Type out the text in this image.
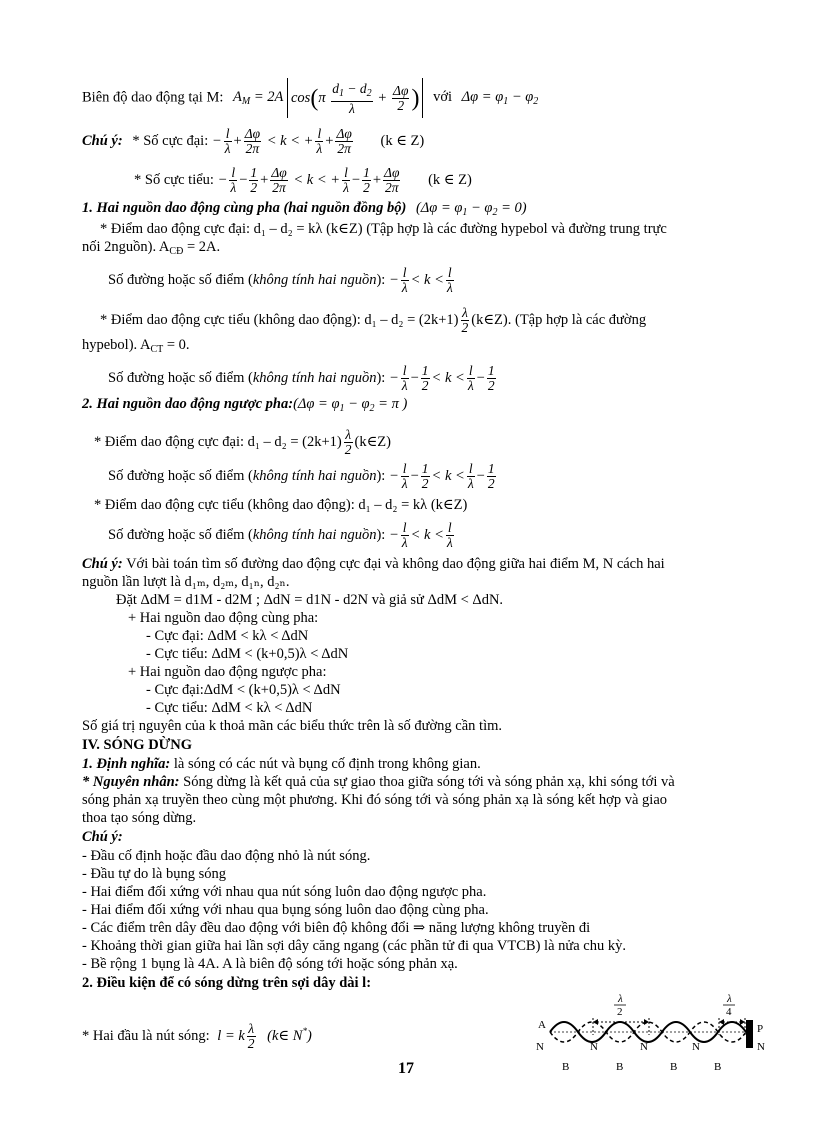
Biên độ dao động tại M: $A_M = 2A$ $\cos(\pi \frac{d_1 - d_2}{\lambda} + \frac{\Delta\varphi}{2}$ ) với $\Delta\varphi = \varphi_1 - \varphi_2$
Chú ý: * Số cực đại: − $\frac{l}{\lambda} + \frac{\Delta\varphi}{2\pi} < k$ < + $\frac{l}{\lambda} + \frac{\Delta\varphi}{2\pi} (k$ ∈ Z)
* Số cực tiểu: − $\frac{l}{\lambda} - \frac{1}{2} + \frac{\Delta\varphi}{2\pi} < k$ < + $\frac{l}{\lambda} - \frac{1}{2} + \frac{\Delta\varphi}{2\pi} (k$ ∈ Z)
1. Hai nguồn dao động cùng pha (hai nguồn đồng bộ) $(\Delta\varphi = \varphi_1 - \varphi_2 = 0)$
* Điểm dao động cực đại: d₁ – d₂ = kλ (k∈Z) (Tập hợp là các đường hypebol và đường trung trực
nối 2nguồn). $A_{CĐ} = 2A$.
Số đường hoặc số điểm (không tính hai nguồn): − $\frac{l}{\lambda} < k < \frac{l}{\lambda}$
* Điểm dao động cực tiểu (không dao động): $d_1 - d_2 = (2k+1) \frac{\lambda}{2}$ (k∈Z). (Tập hợp là các đường
hypebol). $A_{CT} = 0$.
Số đường hoặc số điểm (không tính hai nguồn): − $\frac{l}{\lambda} - \frac{1}{2} < k < \frac{l}{\lambda} - \frac{1}{2}$
2. Hai nguồn dao động ngược pha:(Δφ = $\varphi_1 - \varphi_2 = \pi$ )
* Điểm dao động cực đại: $d_1 - d_2 = (2k+1) \frac{\lambda}{2}$ (k∈Z)
Số đường hoặc số điểm (không tính hai nguồn): − $\frac{l}{\lambda} - \frac{1}{2} < k < \frac{l}{\lambda} - \frac{1}{2}$
* Điểm dao động cực tiểu (không dao động): d₁ – d₂ = kλ (k∈Z)
Số đường hoặc số điểm (không tính hai nguồn): − $\frac{l}{\lambda} < k < \frac{l}{\lambda}$
Chú ý: Với bài toán tìm số đường dao động cực đại và không dao động giữa hai điểm M, N cách hai
nguồn lần lượt là d₁ₘ, d₂ₘ, d₁ₙ, d₂ₙ.
Đặt ΔdM = d1M - d2M ; ΔdN = d1N - d2N và giả sử ΔdM < ΔdN.
+ Hai nguồn dao động cùng pha:
- Cực đại: ΔdM < kλ < ΔdN
- Cực tiểu: ΔdM < (k+0,5)λ < ΔdN
+ Hai nguồn dao động ngược pha:
- Cực đại:ΔdM < (k+0,5)λ < ΔdN
- Cực tiểu: ΔdM < kλ < ΔdN
Số giá trị nguyên của k thoả mãn các biểu thức trên là số đường cần tìm.
IV. SÓNG DỪNG
1. Định nghĩa: là sóng có các nút và bụng cố định trong không gian.
* Nguyên nhân: Sóng dừng là kết quả của sự giao thoa giữa sóng tới và sóng phản xạ, khi sóng tới và
sóng phản xạ truyền theo cùng một phương. Khi đó sóng tới và sóng phản xạ là sóng kết hợp và giao
thoa tạo sóng dừng.
Chú ý:
- Đầu cố định hoặc đầu dao động nhỏ là nút sóng.
- Đầu tự do là bụng sóng
- Hai điểm đối xứng với nhau qua nút sóng luôn dao động ngược pha.
- Hai điểm đối xứng với nhau qua bụng sóng luôn dao động cùng pha.
- Các điểm trên dây đều dao động với biên độ không đổi ⇒ năng lượng không truyền đi
- Khoảng thời gian giữa hai lần sợi dây căng ngang (các phần tử đi qua VTCB) là nửa chu kỳ.
- Bề rộng 1 bụng là 4A. A là biên độ sóng tới hoặc sóng phản xạ.
2. Điều kiện để có sóng dừng trên sợi dây dài l:
* Hai đầu là nút sóng: l = k $\frac{\lambda}{2}$ (k∈ N*)
λ
2
λ
4
A	P
N	N	N	N	N
B	B	B	B
17
